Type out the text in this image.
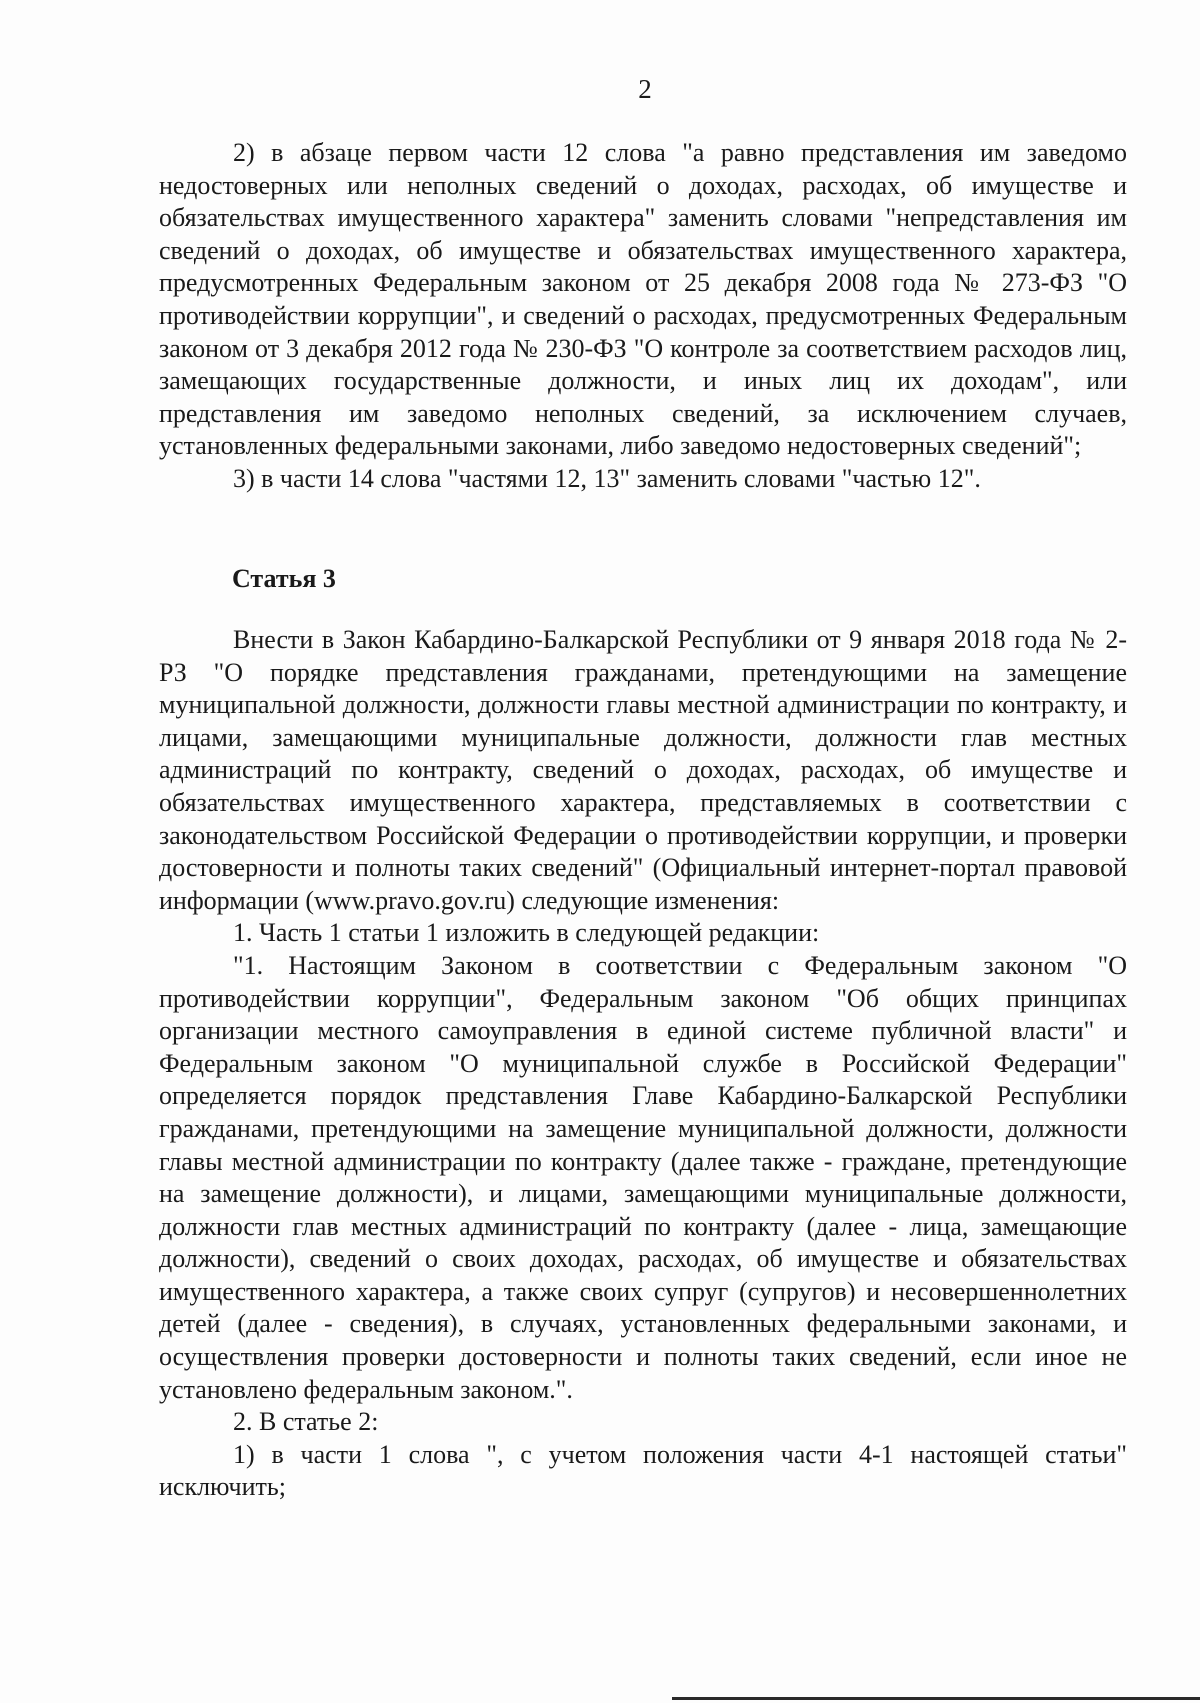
2

2) в абзаце первом части 12 слова "а равно представления им заведомо недостоверных или неполных сведений о доходах, расходах, об имуществе и обязательствах имущественного характера" заменить словами "непредставления им сведений о доходах, об имуществе и обязательствах имущественного характера, предусмотренных Федеральным законом от 25 декабря 2008 года № 273-ФЗ "О противодействии коррупции", и сведений о расходах, предусмотренных Федеральным законом от 3 декабря 2012 года № 230-ФЗ "О контроле за соответствием расходов лиц, замещающих государственные должности, и иных лиц их доходам", или представления им заведомо неполных сведений, за исключением случаев, установленных федеральными законами, либо заведомо недостоверных сведений";

3) в части 14 слова "частями 12, 13" заменить словами "частью 12".

Статья 3

Внести в Закон Кабардино-Балкарской Республики от 9 января 2018 года № 2-РЗ "О порядке представления гражданами, претендующими на замещение муниципальной должности, должности главы местной администрации по контракту, и лицами, замещающими муниципальные должности, должности глав местных администраций по контракту, сведений о доходах, расходах, об имуществе и обязательствах имущественного характера, представляемых в соответствии с законодательством Российской Федерации о противодействии коррупции, и проверки достоверности и полноты таких сведений" (Официальный интернет-портал правовой информации (www.pravo.gov.ru) следующие изменения:

1. Часть 1 статьи 1 изложить в следующей редакции:

"1. Настоящим Законом в соответствии с Федеральным законом "О противодействии коррупции", Федеральным законом "Об общих принципах организации местного самоуправления в единой системе публичной власти" и Федеральным законом "О муниципальной службе в Российской Федерации" определяется порядок представления Главе Кабардино-Балкарской Республики гражданами, претендующими на замещение муниципальной должности, должности главы местной администрации по контракту (далее также - граждане, претендующие на замещение должности), и лицами, замещающими муниципальные должности, должности глав местных администраций по контракту (далее - лица, замещающие должности), сведений о своих доходах, расходах, об имуществе и обязательствах имущественного характера, а также своих супруг (супругов) и несовершеннолетних детей (далее - сведения), в случаях, установленных федеральными законами, и осуществления проверки достоверности и полноты таких сведений, если иное не установлено федеральным законом.".

2. В статье 2:

1) в части 1 слова ", с учетом положения части 4-1 настоящей статьи" исключить;
